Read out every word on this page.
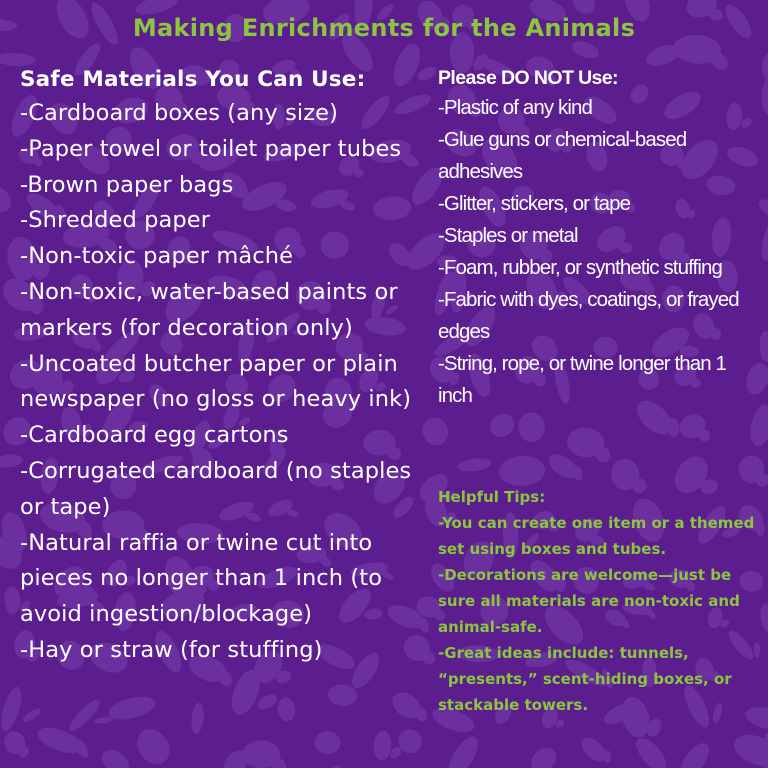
Making Enrichments for the Animals
Safe Materials You Can Use:
-Cardboard boxes (any size)
-Paper towel or toilet paper tubes
-Brown paper bags
-Shredded paper
-Non-toxic paper mâché
-Non-toxic, water-based paints or markers (for decoration only)
-Uncoated butcher paper or plain newspaper (no gloss or heavy ink)
-Cardboard egg cartons
-Corrugated cardboard (no staples or tape)
-Natural raffia or twine cut into pieces no longer than 1 inch (to avoid ingestion/blockage)
-Hay or straw (for stuffing)
Please DO NOT Use:
-Plastic of any kind
-Glue guns or chemical-based adhesives
-Glitter, stickers, or tape
-Staples or metal
-Foam, rubber, or synthetic stuffing
-Fabric with dyes, coatings, or frayed edges
-String, rope, or twine longer than 1 inch
Helpful Tips:
-You can create one item or a themed set using boxes and tubes.
-Decorations are welcome—just be sure all materials are non-toxic and animal-safe.
-Great ideas include: tunnels, “presents,” scent-hiding boxes, or stackable towers.
